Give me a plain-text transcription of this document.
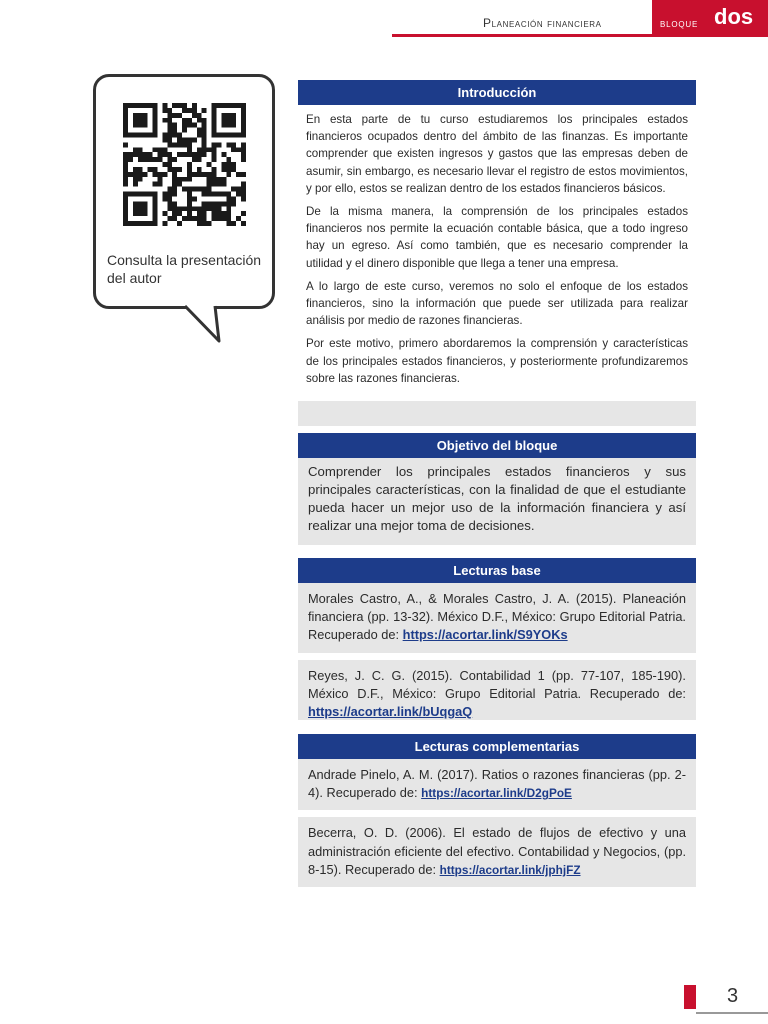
Planeación financiera	bloque dos
Consulta la presentación del autor
Introducción

En esta parte de tu curso estudiaremos los principales estados financieros ocupados dentro del ámbito de las finanzas. Es importante comprender que existen ingresos y gastos que las empresas deben de asumir, sin embargo, es necesario llevar el registro de estos movimientos, y por ello, estos se realizan dentro de los estados financieros básicos.

De la misma manera, la comprensión de los principales estados financieros nos permite la ecuación contable básica, que a todo ingreso hay un egreso. Así como también, que es necesario comprender la utilidad y el dinero disponible que llega a tener una empresa.

A lo largo de este curso, veremos no solo el enfoque de los estados financieros, sino la información que puede ser utilizada para realizar análisis por medio de razones financieras.

Por este motivo, primero abordaremos la comprensión y características de los principales estados financieros, y posteriormente profundizaremos sobre las razones financieras.

Objetivo del bloque

Comprender los principales estados financieros y sus principales características, con la finalidad de que el estudiante pueda hacer un mejor uso de la información financiera y así realizar una mejor toma de decisiones.

Lecturas base
Morales Castro, A., & Morales Castro, J. A. (2015). Planeación financiera (pp. 13-32). México D.F., México: Grupo Editorial Patria. Recuperado de: https://acortar.link/S9YOKs
Reyes, J. C. G. (2015). Contabilidad 1 (pp. 77-107, 185-190). México D.F., México: Grupo Editorial Patria. Recuperado de: https://acortar.link/bUqgaQ
Lecturas complementarias
Andrade Pinelo, A. M. (2017). Ratios o razones financieras (pp. 2-4). Recuperado de: https://acortar.link/D2gPoE
Becerra, O. D. (2006). El estado de flujos de efectivo y una administración eficiente del efectivo. Contabilidad y Negocios, (pp. 8-15). Recuperado de: https://acortar.link/jphjFZ
3
